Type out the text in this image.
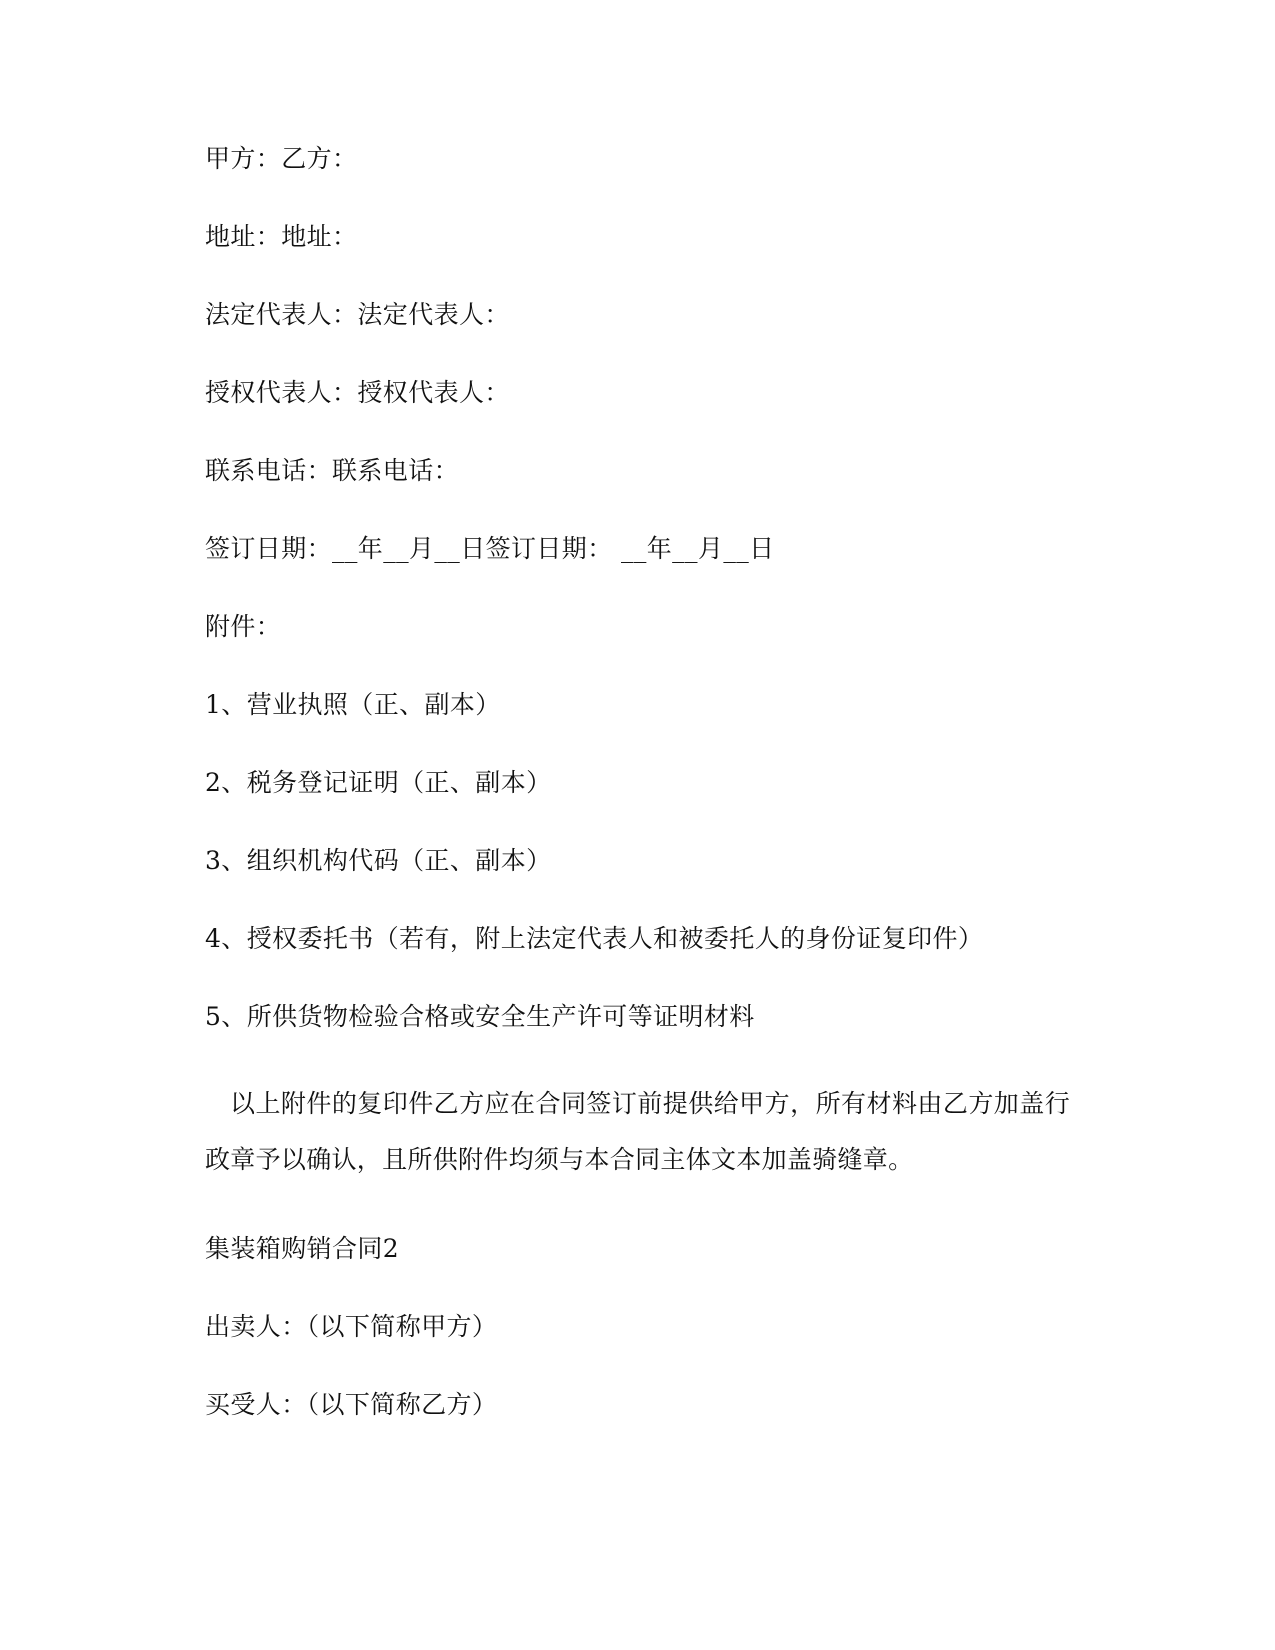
甲方：乙方：

地址：地址：

法定代表人：法定代表人：

授权代表人：授权代表人：

联系电话：联系电话：

签订日期：__年__月__日签订日期： __年__月__日

附件：

1、营业执照（正、副本）

2、税务登记证明（正、副本）

3、组织机构代码（正、副本）

4、授权委托书（若有，附上法定代表人和被委托人的身份证复印件）

5、所供货物检验合格或安全生产许可等证明材料

以上附件的复印件乙方应在合同签订前提供给甲方，所有材料由乙方加盖行政章予以确认，且所供附件均须与本合同主体文本加盖骑缝章。

集装箱购销合同2

出卖人：（以下简称甲方）

买受人：（以下简称乙方）
